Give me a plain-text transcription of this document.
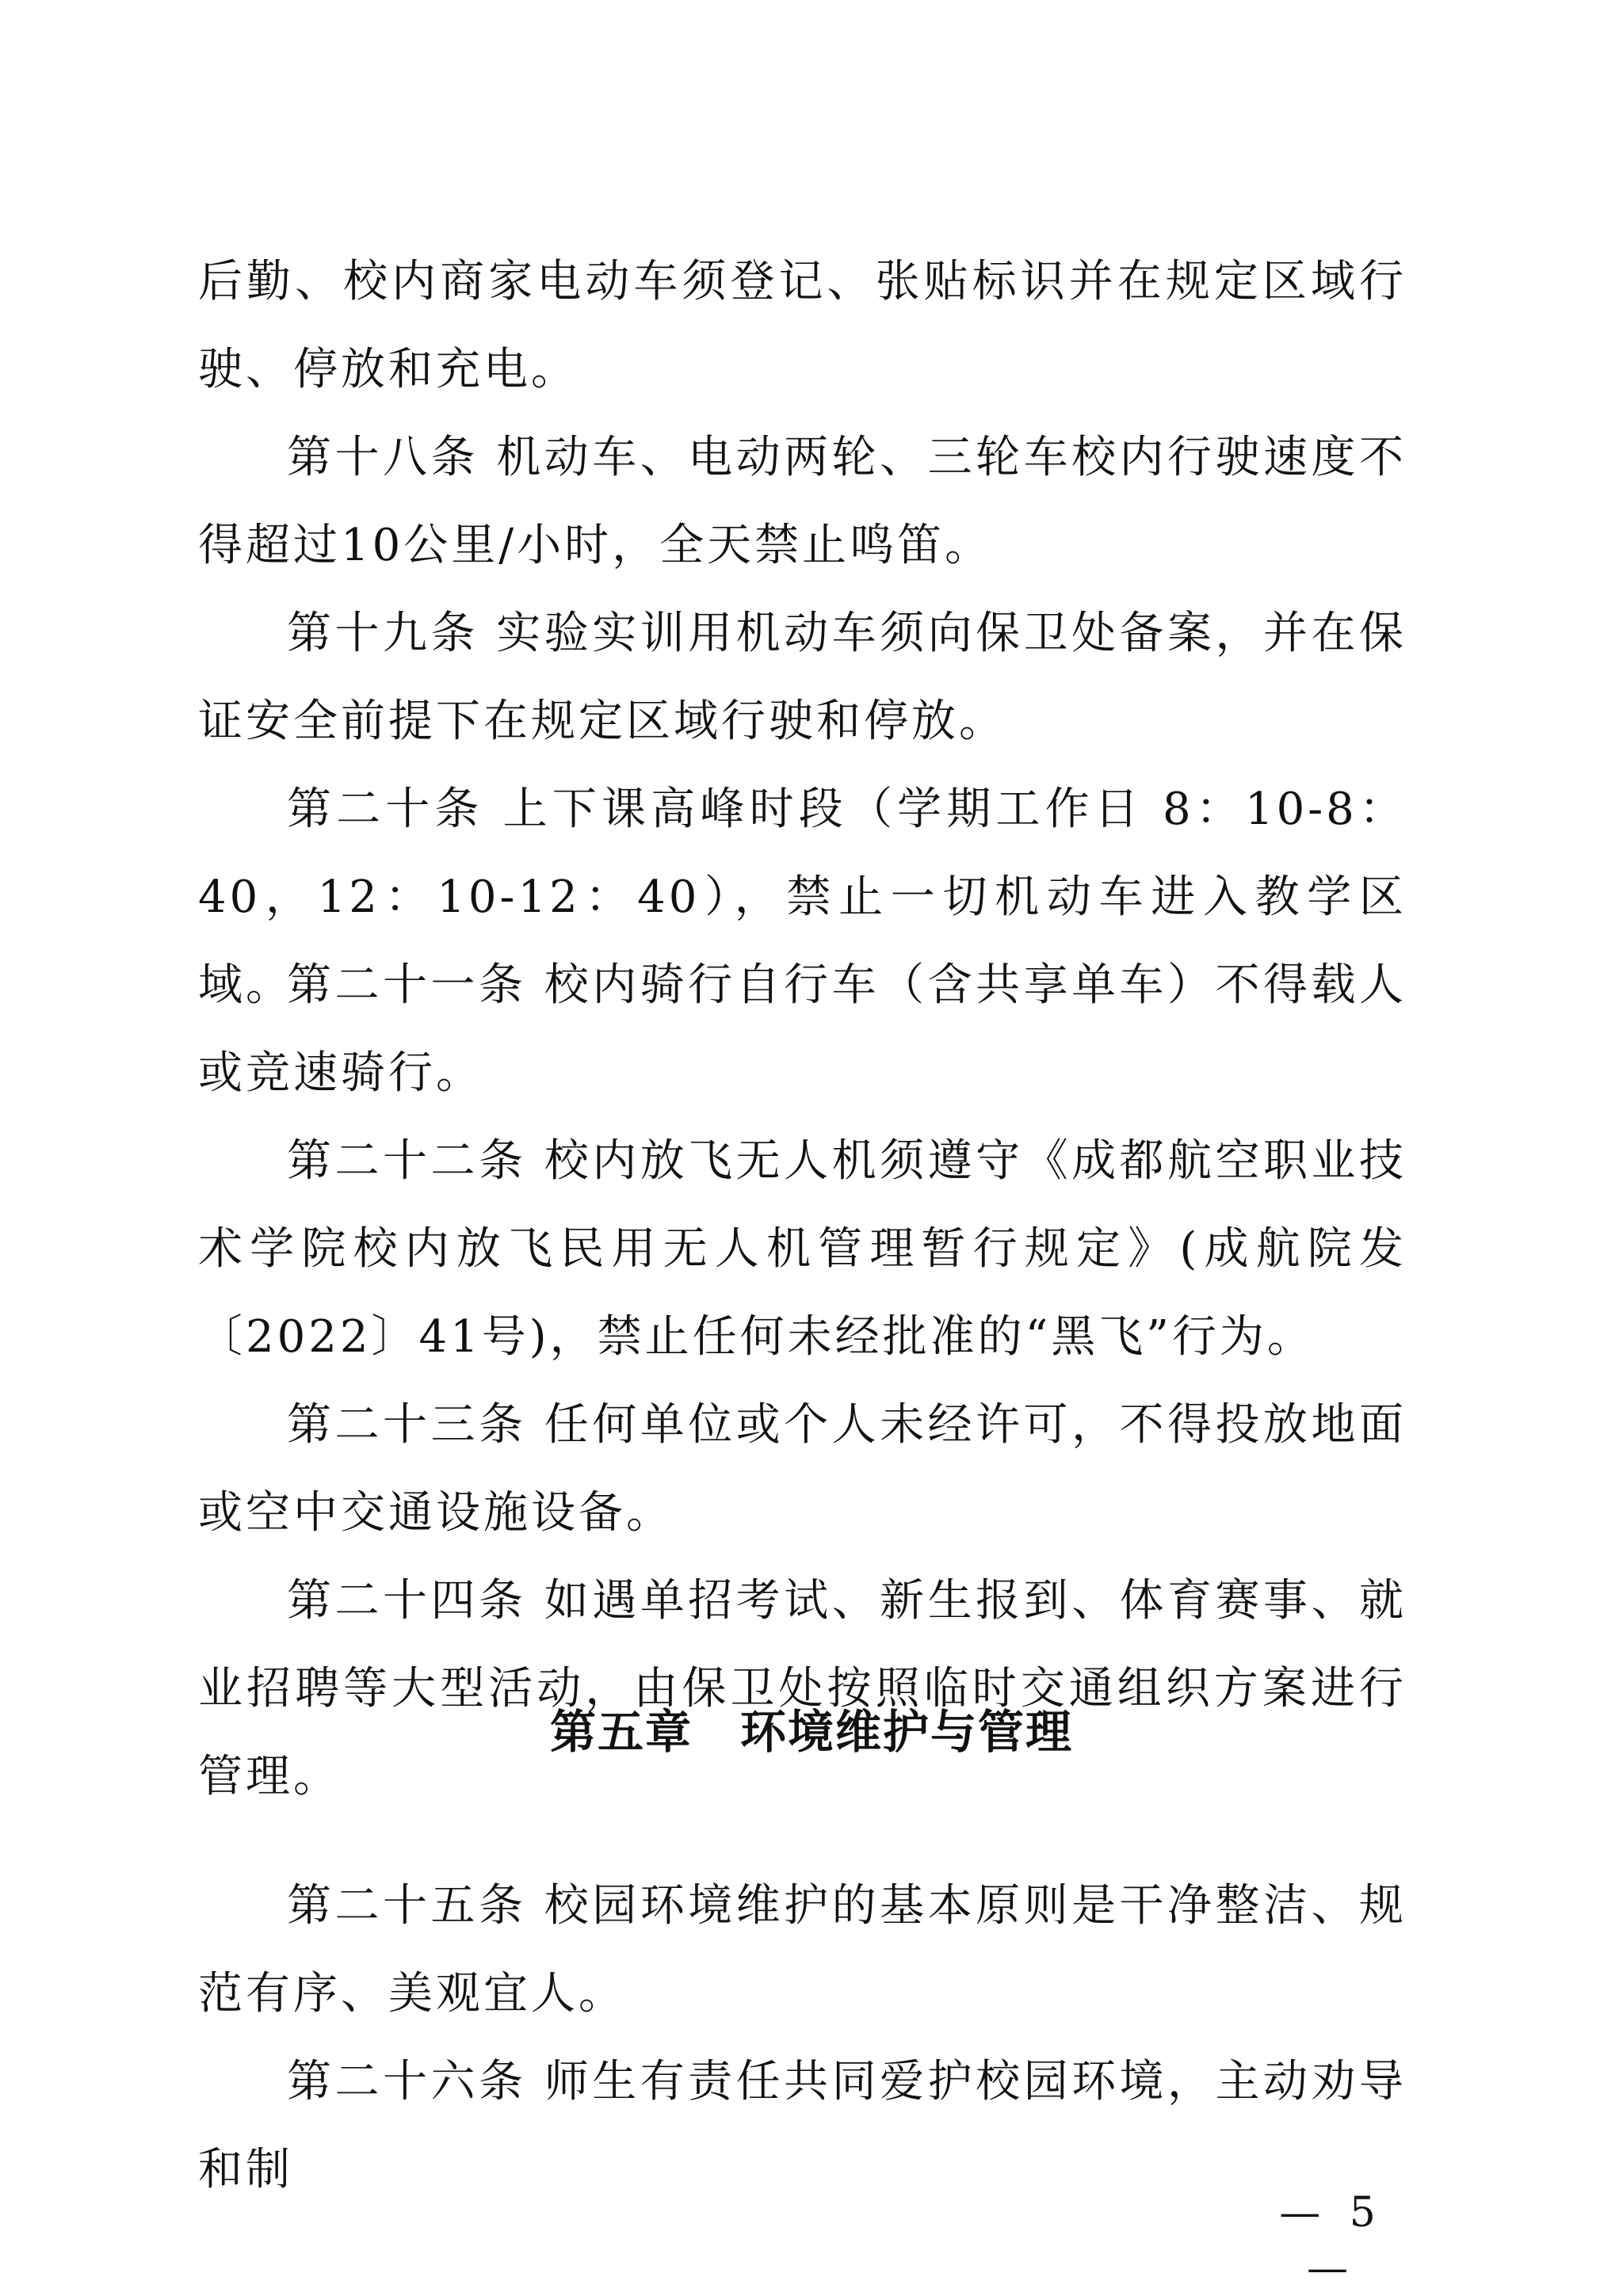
后勤、校内商家电动车须登记、张贴标识并在规定区域行驶、停放和充电。

第十八条 机动车、电动两轮、三轮车校内行驶速度不得超过10公里/小时，全天禁止鸣笛。

第十九条 实验实训用机动车须向保卫处备案，并在保证安全前提下在规定区域行驶和停放。

第二十条 上下课高峰时段（学期工作日 8：10-8：40，12：10-12：40），禁止一切机动车进入教学区域。

第二十一条 校内骑行自行车（含共享单车）不得载人或竞速骑行。

第二十二条 校内放飞无人机须遵守《成都航空职业技术学院校内放飞民用无人机管理暂行规定》(成航院发〔2022〕41号)，禁止任何未经批准的“黑飞”行为。

第二十三条 任何单位或个人未经许可，不得投放地面或空中交通设施设备。

第二十四条 如遇单招考试、新生报到、体育赛事、就业招聘等大型活动，由保卫处按照临时交通组织方案进行管理。

第五章　环境维护与管理

第二十五条 校园环境维护的基本原则是干净整洁、规范有序、美观宜人。

第二十六条 师生有责任共同爱护校园环境，主动劝导和制

— 5 —
